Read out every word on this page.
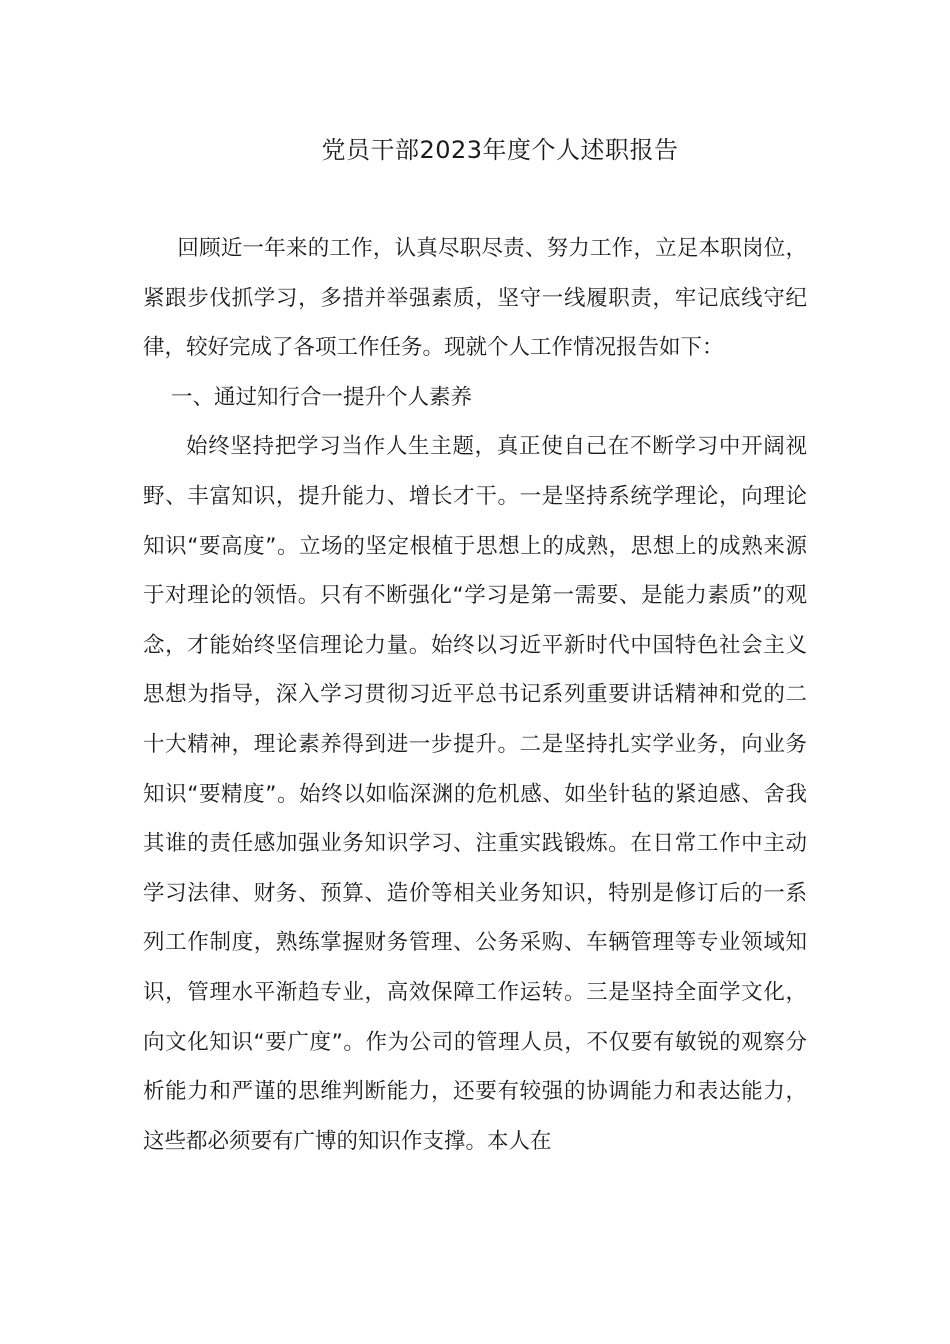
党员干部2023年度个人述职报告

回顾近一年来的工作，认真尽职尽责、努力工作，立足本职岗位，紧跟步伐抓学习，多措并举强素质，坚守一线履职责，牢记底线守纪律，较好完成了各项工作任务。现就个人工作情况报告如下：

一、通过知行合一提升个人素养

始终坚持把学习当作人生主题，真正使自己在不断学习中开阔视野、丰富知识，提升能力、增长才干。一是坚持系统学理论，向理论知识“要高度”。立场的坚定根植于思想上的成熟，思想上的成熟来源于对理论的领悟。只有不断强化“学习是第一需要、是能力素质”的观念，才能始终坚信理论力量。始终以习近平新时代中国特色社会主义思想为指导，深入学习贯彻习近平总书记系列重要讲话精神和党的二十大精神，理论素养得到进一步提升。二是坚持扎实学业务，向业务知识“要精度”。始终以如临深渊的危机感、如坐针毡的紧迫感、舍我其谁的责任感加强业务知识学习、注重实践锻炼。在日常工作中主动学习法律、财务、预算、造价等相关业务知识，特别是修订后的一系列工作制度，熟练掌握财务管理、公务采购、车辆管理等专业领域知识，管理水平渐趋专业，高效保障工作运转。三是坚持全面学文化，向文化知识“要广度”。作为公司的管理人员，不仅要有敏锐的观察分析能力和严谨的思维判断能力，还要有较强的协调能力和表达能力，这些都必须要有广博的知识作支撑。本人在
